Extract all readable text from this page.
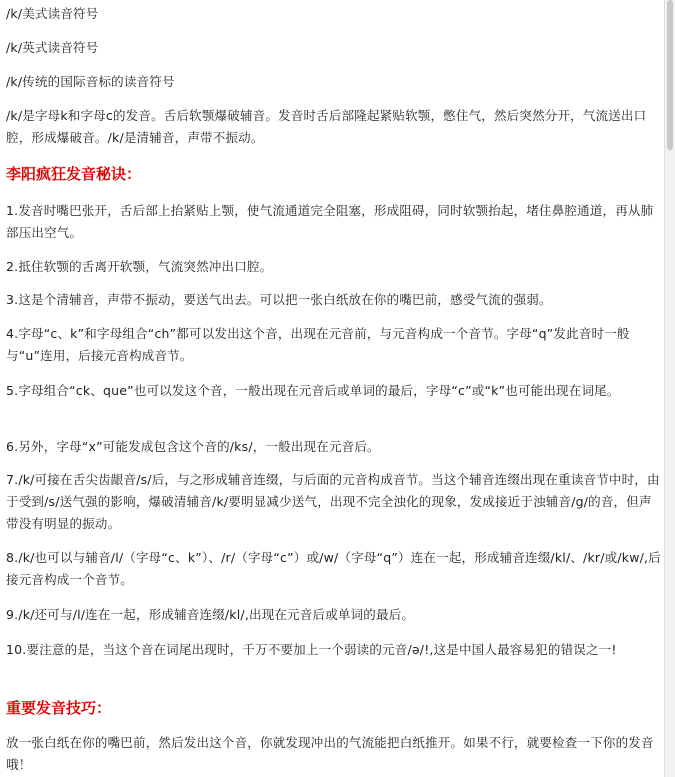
/k/美式读音符号

/k/英式读音符号

/k/传统的国际音标的读音符号

/k/是字母k和字母c的发音。舌后软颚爆破辅音。发音时舌后部隆起紧贴软颚，憋住气，然后突然分开，气流送出口腔，形成爆破音。/k/是清辅音，声带不振动。

李阳疯狂发音秘诀：

1.发音时嘴巴张开，舌后部上抬紧贴上颚，使气流通道完全阻塞，形成阻碍，同时软颚抬起，堵住鼻腔通道，再从肺部压出空气。

2.抵住软颚的舌离开软颚，气流突然冲出口腔。

3.这是个清辅音，声带不振动，要送气出去。可以把一张白纸放在你的嘴巴前，感受气流的强弱。

4.字母“c、k”和字母组合“ch”都可以发出这个音，出现在元音前，与元音构成一个音节。字母“q”发此音时一般与“u”连用，后接元音构成音节。

5.字母组合“ck、que”也可以发这个音，一般出现在元音后或单词的最后，字母“c”或“k”也可能出现在词尾。

6.另外，字母“x”可能发成包含这个音的/ks/，一般出现在元音后。

7./k/可接在舌尖齿龈音/s/后，与之形成辅音连缀，与后面的元音构成音节。当这个辅音连缀出现在重读音节中时，由于受到/s/送气强的影响，爆破清辅音/k/要明显减少送气，出现不完全浊化的现象，发成接近于浊辅音/g/的音，但声带没有明显的振动。

8./k/也可以与辅音/l/（字母“c、k”）、/r/（字母“c”）或/w/（字母“q”）连在一起，形成辅音连缀/kl/、/kr/或/kw/,后接元音构成一个音节。

9./k/还可与/l/连在一起，形成辅音连缀/kl/,出现在元音后或单词的最后。

10.要注意的是，当这个音在词尾出现时，千万不要加上一个弱读的元音/ə/!,这是中国人最容易犯的错误之一!

重要发音技巧：

放一张白纸在你的嘴巴前，然后发出这个音，你就发现冲出的气流能把白纸推开。如果不行，就要检查一下你的发音哦！
